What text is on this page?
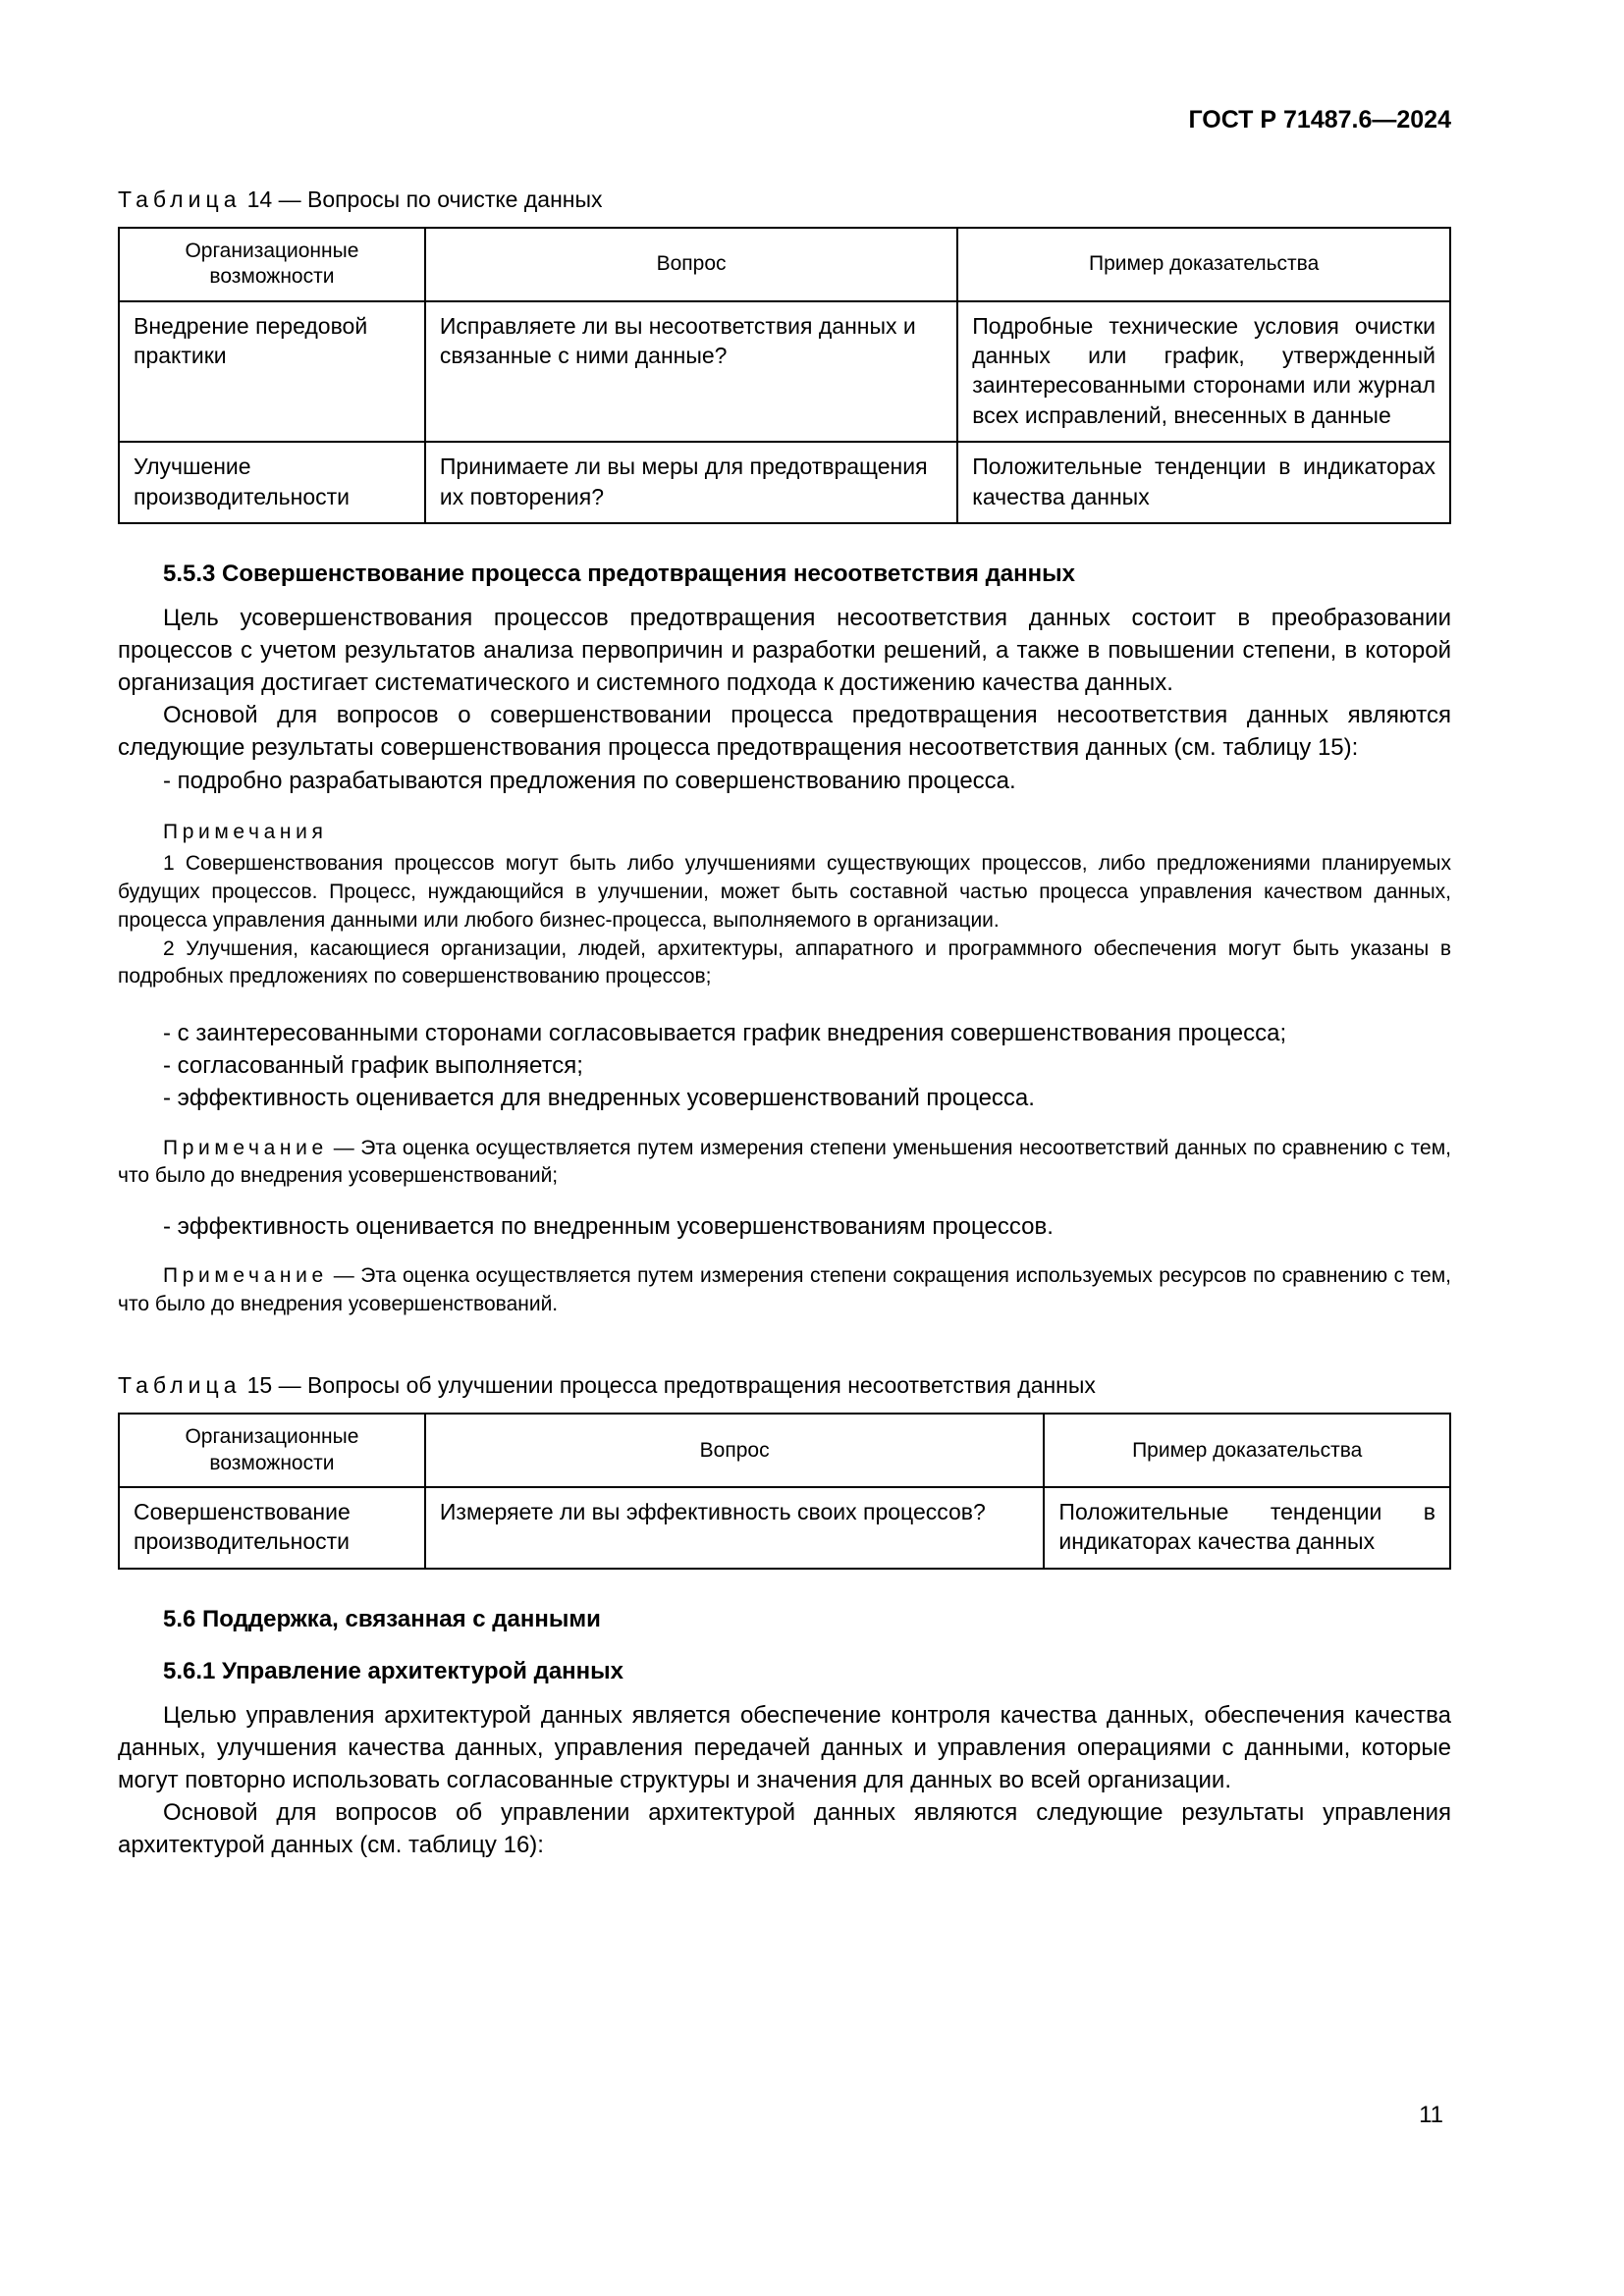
ГОСТ Р 71487.6—2024

Таблица 14 — Вопросы по очистке данных

Организационные возможности	Вопрос	Пример доказательства
Внедрение передовой практики	Исправляете ли вы несоответствия данных и связанные с ними данные?	Подробные технические условия очистки данных или график, утвержденный заинтересованными сторонами или журнал всех исправлений, внесенных в данные
Улучшение производительности	Принимаете ли вы меры для предотвращения их повторения?	Положительные тенденции в индикаторах качества данных

5.5.3 Совершенствование процесса предотвращения несоответствия данных

Цель усовершенствования процессов предотвращения несоответствия данных состоит в преобразовании процессов с учетом результатов анализа первопричин и разработки решений, а также в повышении степени, в которой организация достигает систематического и системного подхода к достижению качества данных.

Основой для вопросов о совершенствовании процесса предотвращения несоответствия данных являются следующие результаты совершенствования процесса предотвращения несоответствия данных (см. таблицу 15):

- подробно разрабатываются предложения по совершенствованию процесса.

Примечания

1 Совершенствования процессов могут быть либо улучшениями существующих процессов, либо предложениями планируемых будущих процессов. Процесс, нуждающийся в улучшении, может быть составной частью процесса управления качеством данных, процесса управления данными или любого бизнес-процесса, выполняемого в организации.

2 Улучшения, касающиеся организации, людей, архитектуры, аппаратного и программного обеспечения могут быть указаны в подробных предложениях по совершенствованию процессов;

- с заинтересованными сторонами согласовывается график внедрения совершенствования процесса;

- согласованный график выполняется;

- эффективность оценивается для внедренных усовершенствований процесса.

Примечание — Эта оценка осуществляется путем измерения степени уменьшения несоответствий данных по сравнению с тем, что было до внедрения усовершенствований;

- эффективность оценивается по внедренным усовершенствованиям процессов.

Примечание — Эта оценка осуществляется путем измерения степени сокращения используемых ресурсов по сравнению с тем, что было до внедрения усовершенствований.

Таблица 15 — Вопросы об улучшении процесса предотвращения несоответствия данных

Организационные возможности	Вопрос	Пример доказательства
Совершенствование производительности	Измеряете ли вы эффективность своих процессов?	Положительные тенденции в индикаторах качества данных

5.6 Поддержка, связанная с данными

5.6.1 Управление архитектурой данных

Целью управления архитектурой данных является обеспечение контроля качества данных, обеспечения качества данных, улучшения качества данных, управления передачей данных и управления операциями с данными, которые могут повторно использовать согласованные структуры и значения для данных во всей организации.

Основой для вопросов об управлении архитектурой данных являются следующие результаты управления архитектурой данных (см. таблицу 16):

11
